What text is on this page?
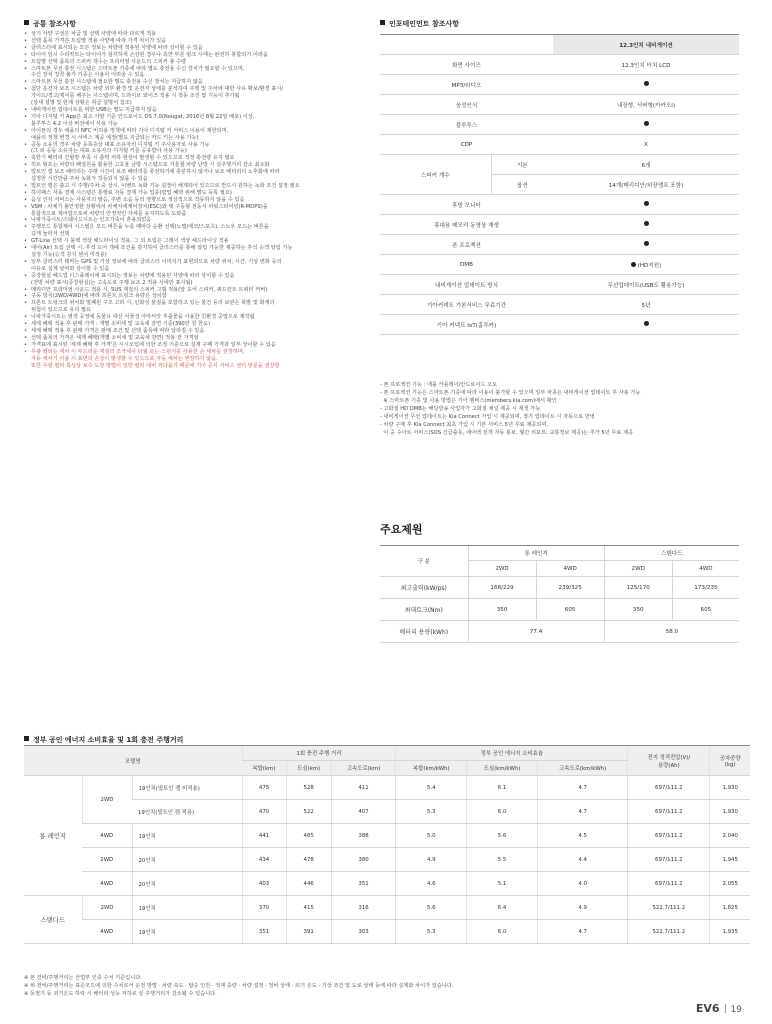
공통 참조사항
• 상기 사양 구성은 차급 및 선택 사양에 따라 다르게 적용
• 선택 품목 가격은 트림별 적용 사양에 따라 가격 차이가 있음
• 클러스터에 표시되는 모든 정보는 차량에 적용된 사양에 따라 상이할 수 있음
• 타이어 임시 수리킷트는 타이어가 심각하게 손상된 경우나 측면 부분 펑크 시에는 완전히 봉합되기 어려움
• 트림별 선택 품목의 스피커 개수는 프리미엄 사운드의 스피커 총 수량
• 스마트폰 무선 충전 시스템은 스마트폰 기종에 따라 별도 충전용 수신 장치가 필요할 수 있으며,
수신 장치 장착 불가 기종은 이용이 어려울 수 있음
• 스마트폰 무선 충전 시스템에 필요한 별도 충전용 수신 장치는 지급하지 않음
• 첨단 운전자 보조 시스템은 차량 외부 환경 및 운전자 상태를 분석하여 주행 및 주차에 대한 사유 확보/환경 표시/
가이드/경고/제어를 해주는 시스템이며, 드라이브 와이즈 적용 시 작동 조건 및 기능이 추가됨
(상세 설명 및 한계 상황은 취급 설명서 참조)
• 내비게이션 업데이트를 위한 USB는 별도 지급하지 않음
• 기아 디지털 키 App은 최소 사양 기준 안드로이드 OS 7.0(Nougat, 2016년 8월 22일 배포) 이상,
블루투스 4.2 이상 버전에서 사용 가능
• 아이폰의 경우 애플의 NFC 비허용 정책에 따라 기아 디지털 키 서비스 이용이 제한되며,
애플의 정책 변경 시 서비스 제공 예정(별도 지급되는 카드 키는 사용 가능)
• 공동 소유의 경우 차량 등록증상 대표 소유자의 디지털 키 주사용자로 사용 가능
(그 외 공동 소유자는 대표 소유자의 디지털 키를 공유받아 사용 가능)
• 혹한기 배터리 간헐방 부족 시 출력 저하 현상이 발생할 수 있으므로 적정 충전량 유지 필요
• 히트 펌프는 차량의 폐열원을 활용한 고효율 난방 시스템으로 겨울철 차량 난방 시 실주행거리 감소 최소화
• 빌트인 캠 보조 배터리는 주행 시간이 보조 배터리를 충전하기에 충분하지 않거나 보조 배터리의 노후화에 따라
설정한 시간만큼 주차 녹화가 작동되지 않을 수 있음
• 빌트인 캠은 출고 시 주행/주차 중 상시, 이벤트 녹화 기능 설정이 해제되어 있으므로 반드시 원하는 녹화 조건 설정 필요
• 하이패스 자동 결제 시스템은 통행료 자동 결제 가능 업종(팝업 혜택 위해 별도 등록 필요)
• 음성 인식 서비스는 사용자의 발음, 주변 소음 등의 영향으로 정상적으로 작동하지 않을 수 있음
• VSM : 차체가 불안정한 상황에서 차체자세제어장치(ESC)와 랙 구동형 전동식 파워스티어링(R-MDPS)을
통합적으로 제어함으로써 차량의 안정적인 자세를 유지하도록 도와줌
• 나파가죽시트/스웨이드시트는 인조가죽이 혼용되었음
• 주행모드 통합제어 시스템은 모드 버튼을 누를 때마다 순환 선택(노멀/에코/스포츠), 스노우 모드는 버튼을
길게 눌러서 선택
• GT-Line 선택 시 블랙 색상 헤드라이닝 적용, 그 외 트림은 그레이 색상 헤드라이닝 적용
• 에어(Air) 트림 선택 시, 후석 도어 개폐 조건을 감지하여 클러스터를 통해 알림 가능한 제공하는 후석 승객 알림 기능
설정 기능(승객 감지 센서 미적용)
• 일부 클러스터 테마는 GPS 및 기상 정보에 따라 클러스터 이미지가 표현되므로 차량 위치, 시간, 기상 변화 등의
이유로 실제 날씨와 상이할 수 있음
• 증강현실 헤드업 디스플레이에 표시되는 정보는 차량에 적용된 사양에 따라 상이할 수 있음
(전방 차량 표시(증강현실)는 고속도로 주행 보조 2 적용 시에만 표시됨)
• 메리디안 프리미엄 사운드 적용 시, SUS 재질의 스피커 그릴 적용(앞 도어 스피커, 쿼드런트 트위터 커버)
• 구동 방식(2WD/4WD)에 따라 프론트 트렁크 용량은 상이함
• 프론트 트렁크의 위치와 밀폐된 구조 고려 시, 인화성 물질을 포함하고 있는 물건 등의 보관은 폭발 및 화재의
위험이 있으므로 유의 필요
• 나파가죽시트는 염색 공정에 동물유 대신 식물성 아마씨앗 추출물을 사용한 친환경 공법으로 제작됨
• 세제 혜택 적용 후 판매 가격 : 개별 소비세 및 교육세 감면 기준(390만 원 한도)
• 세제 혜택 적용 후 판매 가격은 판매 조건 및 선택 품목에 따라 달라질 수 있음
• 선택 품목의 가격은 세제 혜택(개별 소비세 및 교육세 감면) 적용 전 가격임
• 가격표에 표시된 '세제 혜택 후 가격'은 시시오입에 의한 조정 기준으로 실제 구매 가격과 일부 상이할 수 있음
• 무광 컬러는 세차 시 부드러운 재질의 조극세사 타월 또는 스펀지를 사용한 손 세차를 권장하며,
자동 세차기 이용 시 표면의 손상이 발생할 수 있으므로 자동 세차는 권장하지 않음.
또한 무광 컬러 특성상 보수 도장 방법이 일반 컬러 대비 까다롭기 때문에 기아 공식 서비스 센터 방문을 권장함
인포테인먼트 참조사항
		12.3인치 내비게이션
화면 사이즈		12.3인치 터치 LCD
MP3/라디오		
음성인식		내장형, 서버형(카카오i)
블루투스		
CDP		X
스피커 개수	기본	6개
	옵션	14개(메리디안/외장앰프 포함)
후방 모니터		
휴대용 메모리 동영상 재생		
폰 프로젝션		
DMB		(HD지원)
내비게이션 업데이트 방식		무선업데이트(USB도 활용가능)
기아커넥트 기본서비스 무료기간		5년
기아 커넥트 IoT(홈투카)		
- 폰 프로젝션 기능 : 애플 카플레이/안드로이드 오토
- 폰 프로젝션 기능은 스마트폰 기종에 따라 이용이 불가할 수 있으며 일부 차종은 내비게이션 업데이트 후 사용 가능
※ 스마트폰 기종 및 사용 방법은 기아 멤버스(members.kia.com)에서 확인
- 고화질 HD DMB는 해당방송 사업자가 고화질 채널 제공 시 재생 가능
- 내비게이션 무선 업데이트는 Kia Connect 가입 시 제공되며, 정기 업데이트 시 자동으로 반영
- 차량 구매 후 Kia Connect 최초 가입 시 기본 서비스 5년 무료 제공되며,
이 중 수아트 서비스(SOS 긴급출동, 에어백 전개 자동 통보, 월간 리포트, 교통정보 제공)는 추가 5년 무료 제공
주요제원
구 분	롱 레인지		스탠다드	
	2WD	4WD	2WD	4WD
최고출력(kW/ps)	168/229	239/325	125/170	173/235
최대토크(Nm)	350	605	350	605
배터리 용량(kWh)	77.4		58.0	
정부 공인 에너지 소비효율 및 1회 충전 주행거리
모델명			1회 충전 주행 거리			정부 공인 에너지 소비효율			전지 정격전압(V)/
용량(Ah)	공차중량
(kg)
			복합(km)	도심(km)	고속도로(km)	복합(km/kWh)	도심(km/kWh)	고속도로(km/kWh)		
롱 레인지	2WD	19인치(빌트인 캠 미적용)	475	528	411	5.4	6.1	4.7	697/111.2	1,930
		19인치(빌트인 캠 적용)	470	522	407	5.3	6.0	4.7	697/111.2	1,930
	4WD	19인치	441	485	388	5.0	5.6	4.5	697/111.2	2,040
	2WD	20인치	434	478	380	4.9	5.5	4.4	697/111.2	1,945
	4WD	20인치	403	446	351	4.6	5.1	4.0	697/111.2	2,055
스탠다드	2WD	19인치	370	415	316	5.6	6.4	4.9	522.7/111.2	1,825
	4WD	19인치	351	391	303	5.3	6.0	4.7	522.7/111.2	1,935
※ 본 전비/주행거리는 산업부 인증 수치 기준입니다.
※ 위 전비/주행거리는 표준모드에 의한 수치로서 운전 방법 · 차량 속도 · 탑승 인원 · 적재 중량 · 차량 설정 · 정비 상태 · 외기 온도 · 기상 조건 및 도로 상태 등에 따라 실제와 차이가 있습니다.
※ 동절기 등 외기온도 하락 시 배터리 성능 저하로 실 주행거리가 감소될 수 있습니다.
EV6 19
